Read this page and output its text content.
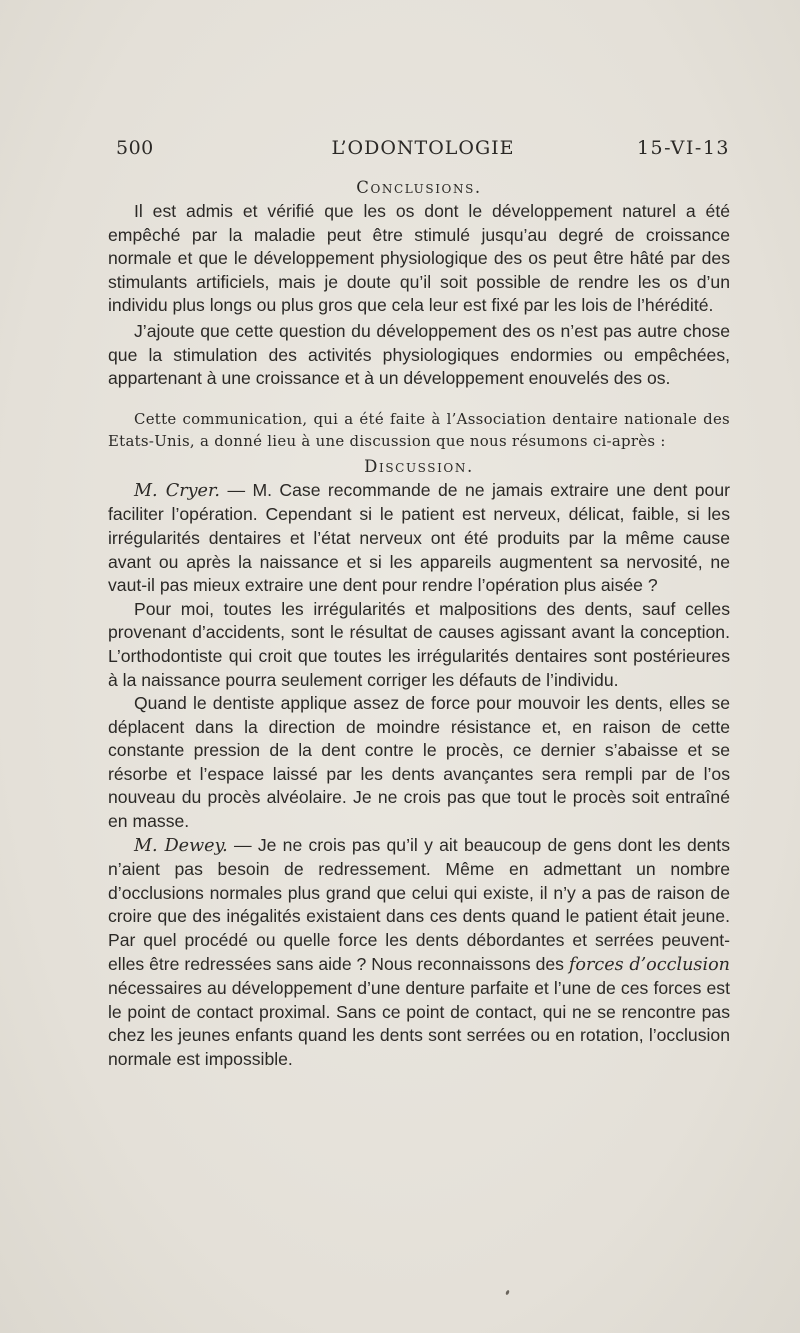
500	L’ODONTOLOGIE	15-VI-13
Conclusions.

Il est admis et vérifié que les os dont le développement naturel a été empêché par la maladie peut être stimulé jusqu’au degré de croissance normale et que le développement physiologique des os peut être hâté par des stimulants artificiels, mais je doute qu’il soit possible de rendre les os d’un individu plus longs ou plus gros que cela leur est fixé par les lois de l’hérédité.

J’ajoute que cette question du développement des os n’est pas autre chose que la stimulation des activités physiologiques endormies ou empêchées, appartenant à une croissance et à un développement enouvelés des os.

Cette communication, qui a été faite à l’Association dentaire nationale des Etats-Unis, a donné lieu à une discussion que nous résumons ci-après :

Discussion.

M. Cryer. — M. Case recommande de ne jamais extraire une dent pour faciliter l’opération. Cependant si le patient est nerveux, délicat, faible, si les irrégularités dentaires et l’état nerveux ont été produits par la même cause avant ou après la naissance et si les appareils augmentent sa nervosité, ne vaut-il pas mieux extraire une dent pour rendre l’opération plus aisée ?

Pour moi, toutes les irrégularités et malpositions des dents, sauf celles provenant d’accidents, sont le résultat de causes agissant avant la conception. L’orthodontiste qui croit que toutes les irrégularités dentaires sont postérieures à la naissance pourra seulement corriger les défauts de l’individu.

Quand le dentiste applique assez de force pour mouvoir les dents, elles se déplacent dans la direction de moindre résistance et, en raison de cette constante pression de la dent contre le procès, ce dernier s’abaisse et se résorbe et l’espace laissé par les dents avançantes sera rempli par de l’os nouveau du procès alvéolaire. Je ne crois pas que tout le procès soit entraîné en masse.

M. Dewey. — Je ne crois pas qu’il y ait beaucoup de gens dont les dents n’aient pas besoin de redressement. Même en admettant un nombre d’occlusions normales plus grand que celui qui existe, il n’y a pas de raison de croire que des inégalités existaient dans ces dents quand le patient était jeune. Par quel procédé ou quelle force les dents débordantes et serrées peuvent-elles être redressées sans aide ? Nous reconnaissons des forces d’occlusion nécessaires au développement d’une denture parfaite et l’une de ces forces est le point de contact proximal. Sans ce point de contact, qui ne se rencontre pas chez les jeunes enfants quand les dents sont serrées ou en rotation, l’occlusion normale est impossible.
